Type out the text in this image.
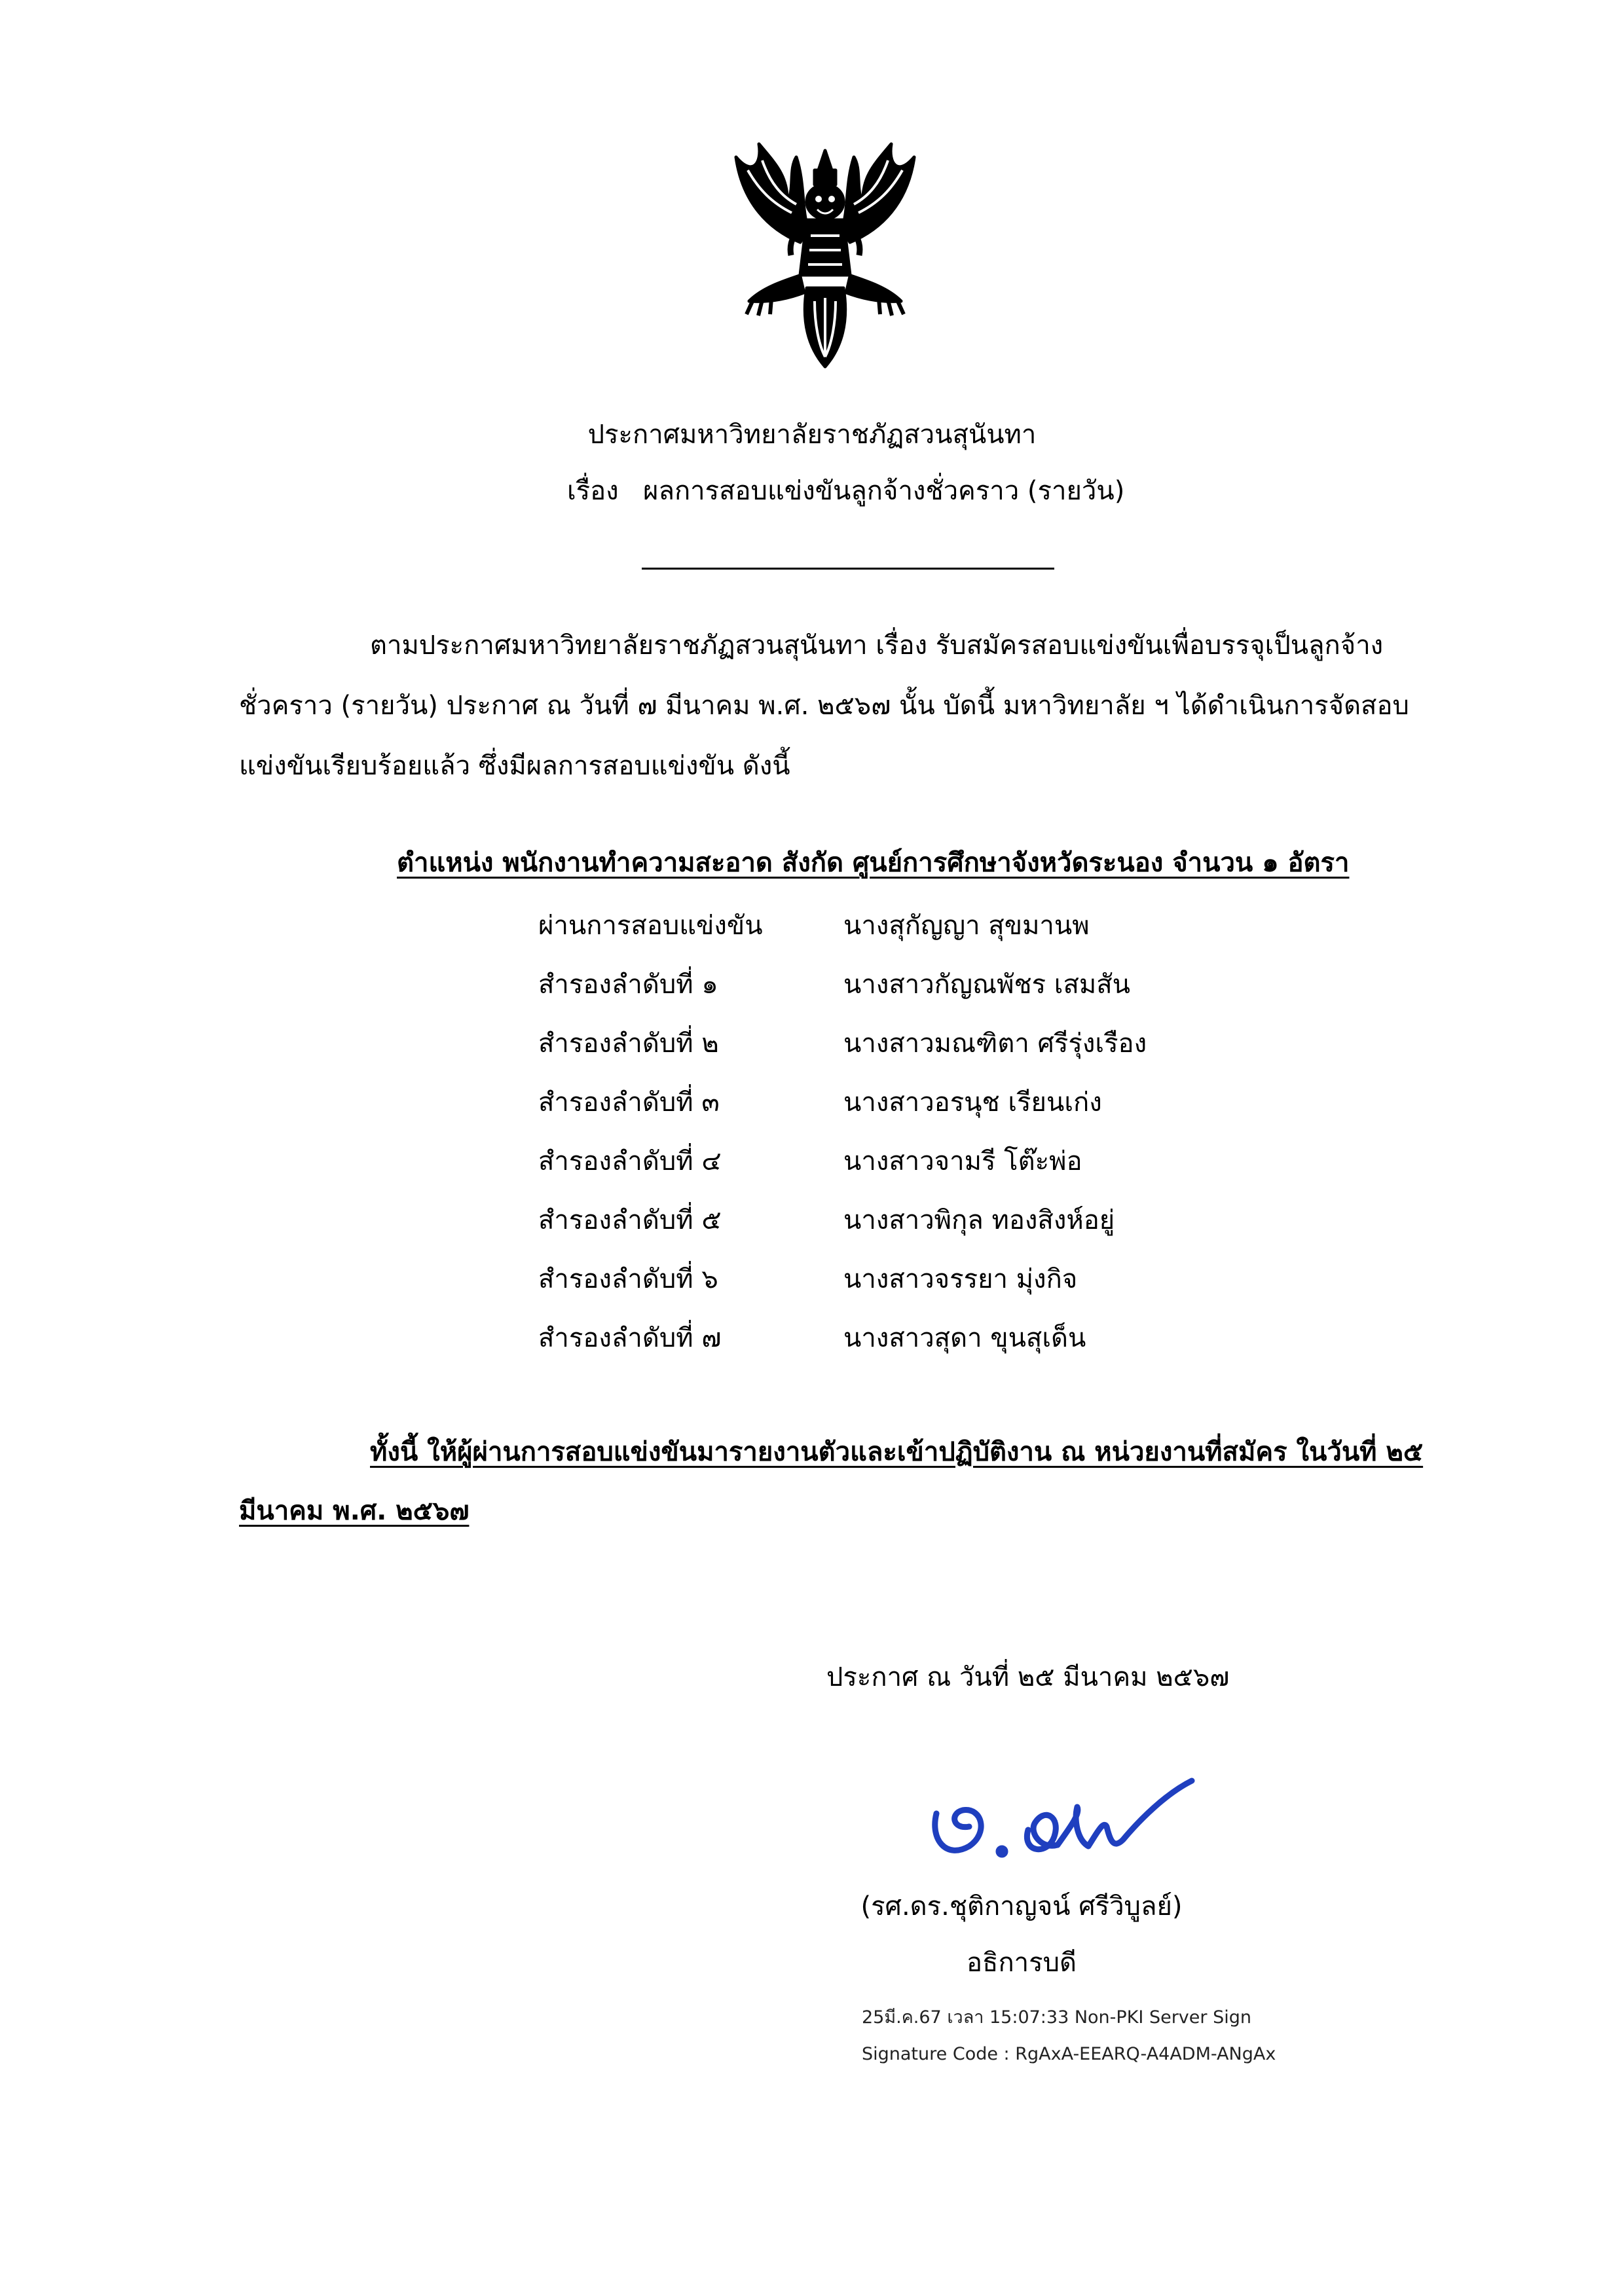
ประกาศมหาวิทยาลัยราชภัฏสวนสุนันทา
เรื่อง ผลการสอบแข่งขันลูกจ้างชั่วคราว (รายวัน)
ตามประกาศมหาวิทยาลัยราชภัฏสวนสุนันทา เรื่อง รับสมัครสอบแข่งขันเพื่อบรรจุเป็นลูกจ้าง
ชั่วคราว (รายวัน) ประกาศ ณ วันที่ ๗ มีนาคม พ.ศ. ๒๕๖๗ นั้น บัดนี้ มหาวิทยาลัย ฯ ได้ดำเนินการจัดสอบ
แข่งขันเรียบร้อยแล้ว ซึ่งมีผลการสอบแข่งขัน ดังนี้
ตำแหน่ง พนักงานทำความสะอาด สังกัด ศูนย์การศึกษาจังหวัดระนอง จำนวน ๑ อัตรา
ผ่านการสอบแข่งขัน	นางสุกัญญา สุขมานพ
สำรองลำดับที่ ๑	นางสาวกัญณพัชร เสมสัน
สำรองลำดับที่ ๒	นางสาวมณฑิตา ศรีรุ่งเรือง
สำรองลำดับที่ ๓	นางสาวอรนุช เรียนเก่ง
สำรองลำดับที่ ๔	นางสาวจามรี โต๊ะพ่อ
สำรองลำดับที่ ๕	นางสาวพิกุล ทองสิงห์อยู่
สำรองลำดับที่ ๖	นางสาวจรรยา มุ่งกิจ
สำรองลำดับที่ ๗	นางสาวสุดา ขุนสุเด็น
ทั้งนี้ ให้ผู้ผ่านการสอบแข่งขันมารายงานตัวและเข้าปฏิบัติงาน ณ หน่วยงานที่สมัคร ในวันที่ ๒๕
มีนาคม พ.ศ. ๒๕๖๗
ประกาศ ณ วันที่ ๒๕ มีนาคม ๒๕๖๗
(รศ.ดร.ชุติกาญจน์ ศรีวิบูลย์)
อธิการบดี
25มี.ค.67 เวลา 15:07:33 Non-PKI Server Sign
Signature Code : RgAxA-EEARQ-A4ADM-ANgAx
